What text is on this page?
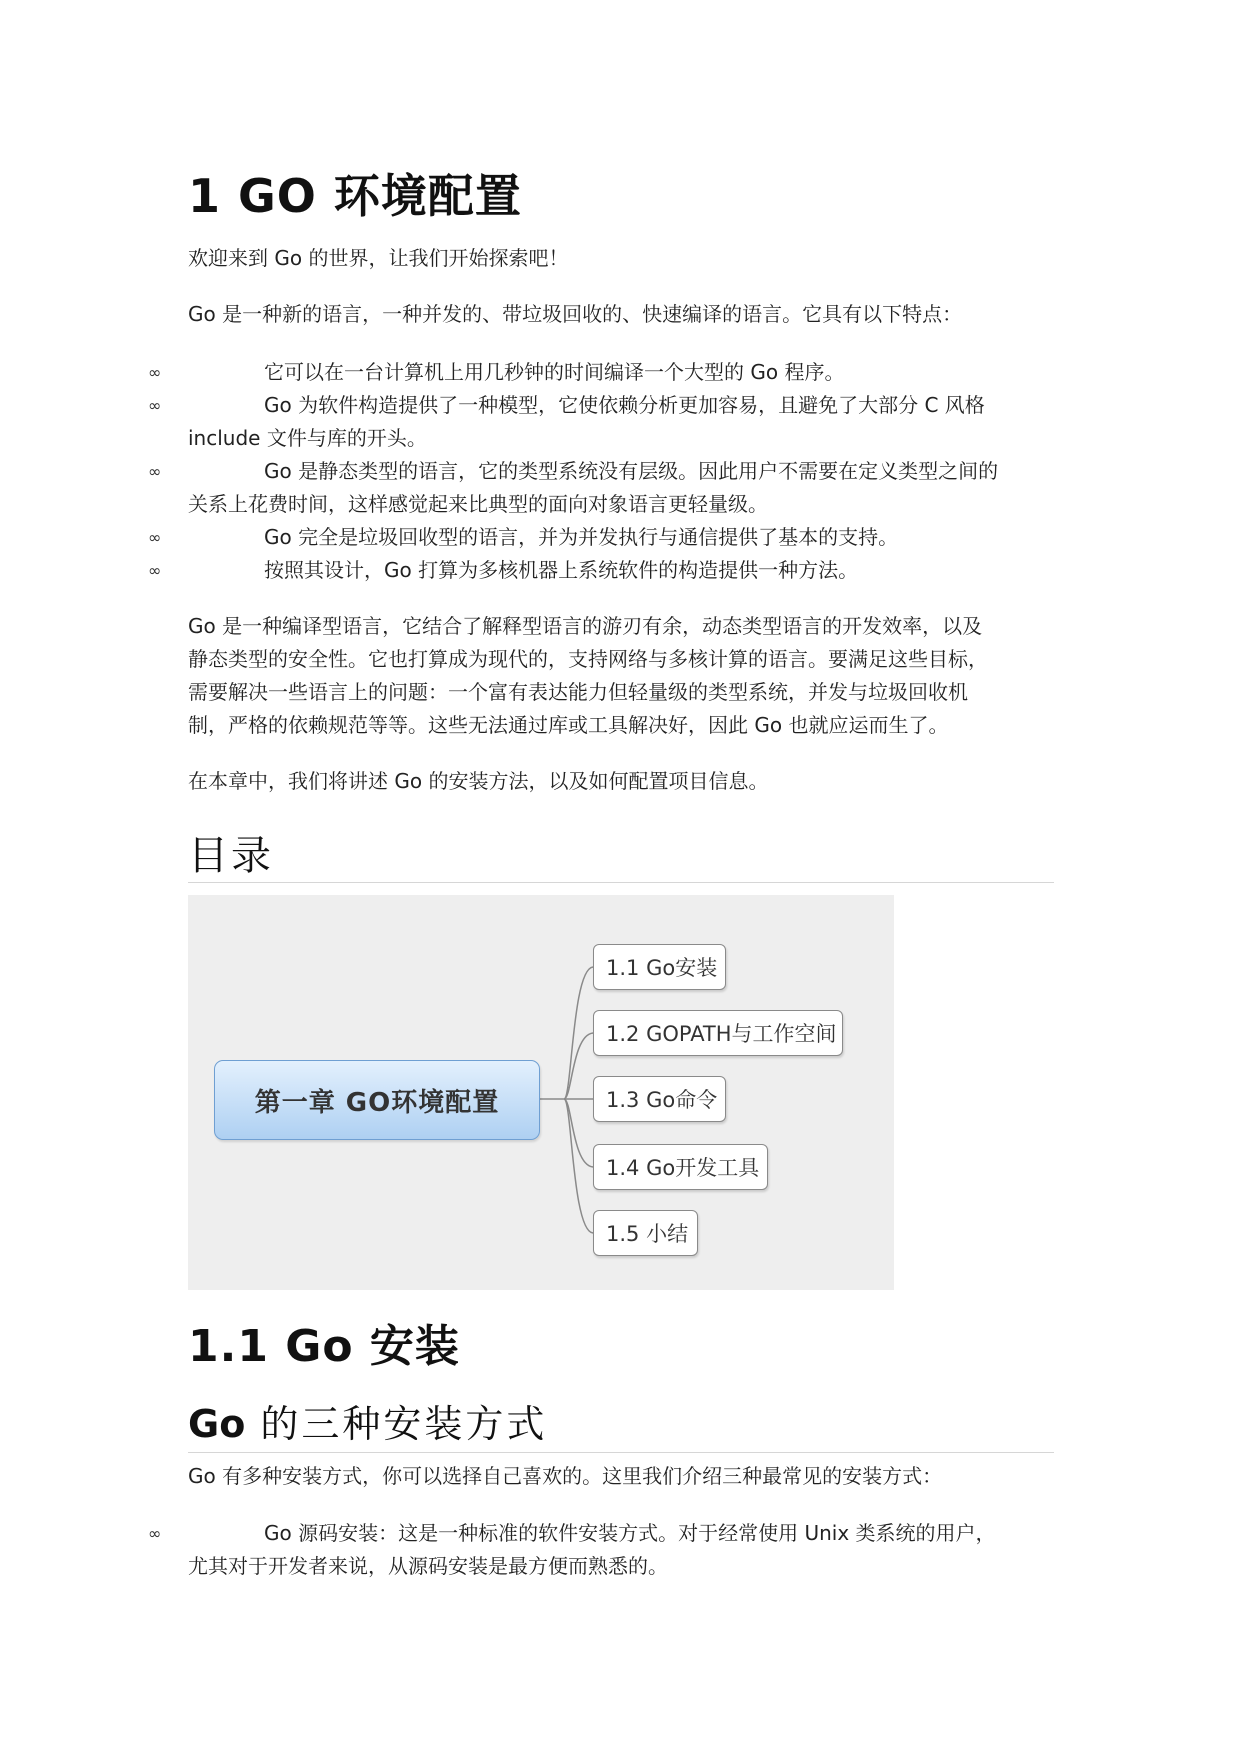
1 GO 环境配置
欢迎来到 Go 的世界，让我们开始探索吧！
Go 是一种新的语言，一种并发的、带垃圾回收的、快速编译的语言。它具有以下特点：
∞	它可以在一台计算机上用几秒钟的时间编译一个大型的 Go 程序。
∞	Go 为软件构造提供了一种模型，它使依赖分析更加容易，且避免了大部分 C 风格
include 文件与库的开头。
∞	Go 是静态类型的语言，它的类型系统没有层级。因此用户不需要在定义类型之间的
关系上花费时间，这样感觉起来比典型的面向对象语言更轻量级。
∞	Go 完全是垃圾回收型的语言，并为并发执行与通信提供了基本的支持。
∞	按照其设计，Go 打算为多核机器上系统软件的构造提供一种方法。
Go 是一种编译型语言，它结合了解释型语言的游刃有余，动态类型语言的开发效率，以及
静态类型的安全性。它也打算成为现代的，支持网络与多核计算的语言。要满足这些目标，
需要解决一些语言上的问题：一个富有表达能力但轻量级的类型系统，并发与垃圾回收机
制，严格的依赖规范等等。这些无法通过库或工具解决好，因此 Go 也就应运而生了。
在本章中，我们将讲述 Go 的安装方法，以及如何配置项目信息。
目录
第一章 GO环境配置
1.1 Go安装
1.2 GOPATH与工作空间
1.3 Go命令
1.4 Go开发工具
1.5 小结
1.1 Go 安装
Go 的三种安装方式
Go 有多种安装方式，你可以选择自己喜欢的。这里我们介绍三种最常见的安装方式：
∞	Go 源码安装：这是一种标准的软件安装方式。对于经常使用 Unix 类系统的用户，
尤其对于开发者来说，从源码安装是最方便而熟悉的。
